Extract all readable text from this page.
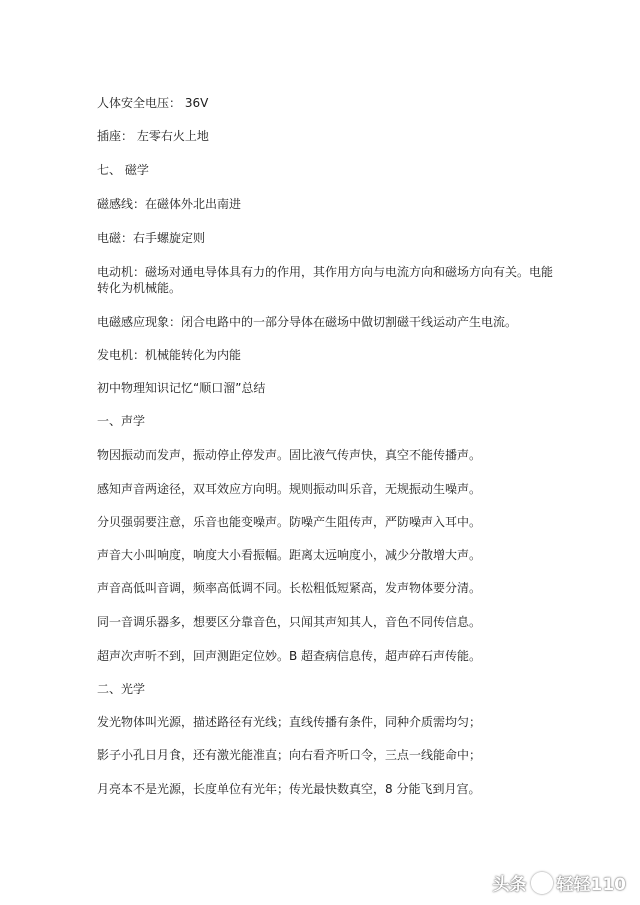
人体安全电压： 36V
插座： 左零右火上地
七、 磁学
磁感线：在磁体外北出南进
电磁：右手螺旋定则
电动机：磁场对通电导体具有力的作用，其作用方向与电流方向和磁场方向有关。电能转化为机械能。
电磁感应现象：闭合电路中的一部分导体在磁场中做切割磁干线运动产生电流。
发电机：机械能转化为内能
初中物理知识记忆“顺口溜”总结
一、声学
物因振动而发声，振动停止停发声。固比液气传声快，真空不能传播声。
感知声音两途径，双耳效应方向明。规则振动叫乐音，无规振动生噪声。
分贝强弱要注意，乐音也能变噪声。防噪产生阻传声，严防噪声入耳中。
声音大小叫响度，响度大小看振幅。距离太远响度小，减少分散增大声。
声音高低叫音调，频率高低调不同。长松粗低短紧高，发声物体要分清。
同一音调乐器多，想要区分靠音色，只闻其声知其人，音色不同传信息。
超声次声听不到，回声测距定位妙。B 超查病信息传，超声碎石声传能。
二、光学
发光物体叫光源，描述路径有光线；直线传播有条件，同种介质需均匀；
影子小孔日月食，还有激光能准直；向右看齐听口令，三点一线能命中；
月亮本不是光源，长度单位有光年；传光最快数真空，8 分能飞到月宫。
头条 轻轻110
